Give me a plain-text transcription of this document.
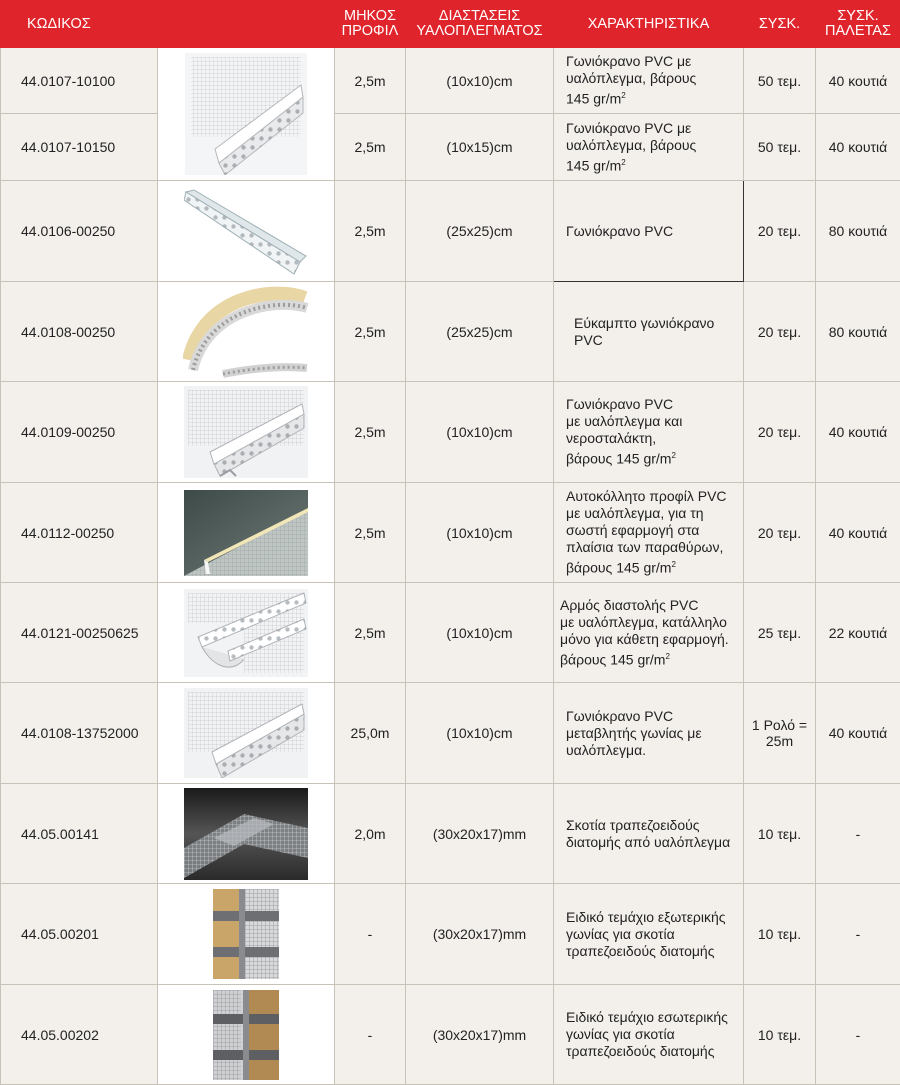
ΚΩΔΙΚΟΣ		ΜΗΚΟΣ
ΠΡΟΦΙΛ	ΔΙΑΣΤΑΣΕΙΣ
ΥΑΛΟΠΛΕΓΜΑΤΟΣ	ΧΑΡΑΚΤΗΡΙΣΤΙΚΑ	ΣΥΣΚ.	ΣΥΣΚ.
ΠΑΛΕΤΑΣ
44.0107-10100		2,5m	(10x10)cm	Γωνιόκρανο PVC με
υαλόπλεγμα, βάρους
145 $gr/m^2$	50 τεμ.	40 κουτιά
44.0107-10150		2,5m	(10x15)cm	Γωνιόκρανο PVC με
υαλόπλεγμα, βάρους
145 $gr/m^2$	50 τεμ.	40 κουτιά
44.0106-00250		2,5m	(25x25)cm	Γωνιόκρανο PVC	20 τεμ.	80 κουτιά
44.0108-00250		2,5m	(25x25)cm	Εύκαμπτο γωνιόκρανο
PVC	20 τεμ.	80 κουτιά
44.0109-00250		2,5m	(10x10)cm	Γωνιόκρανο PVC
με υαλόπλεγμα και
νεροσταλάκτη,
βάρους 145 $gr/m^2$	20 τεμ.	40 κουτιά
44.0112-00250		2,5m	(10x10)cm	Αυτοκόλλητο προφίλ PVC
με υαλόπλεγμα, για τη
σωστή εφαρμογή στα
πλαίσια των παραθύρων,
βάρους 145 $gr/m^2$	20 τεμ.	40 κουτιά
44.0121-00250625		2,5m	(10x10)cm	Αρμός διαστολής PVC
με υαλόπλεγμα, κατάλληλο
μόνο για κάθετη εφαρμογή.
βάρους 145 $gr/m^2$	25 τεμ.	22 κουτιά
44.0108-13752000		25,0m	(10x10)cm	Γωνιόκρανο PVC
μεταβλητής γωνίας με
υαλόπλεγμα.	1 Ρολό =
25m	40 κουτιά
44.05.00141		2,0m	(30x20x17)mm	Σκοτία τραπεζοειδούς
διατομής από υαλόπλεγμα	10 τεμ.	-
44.05.00201		-	(30x20x17)mm	Ειδικό τεμάχιο εξωτερικής
γωνίας για σκοτία
τραπεζοειδούς διατομής	10 τεμ.	-
44.05.00202		-	(30x20x17)mm	Ειδικό τεμάχιο εσωτερικής
γωνίας για σκοτία
τραπεζοειδούς διατομής	10 τεμ.	-
